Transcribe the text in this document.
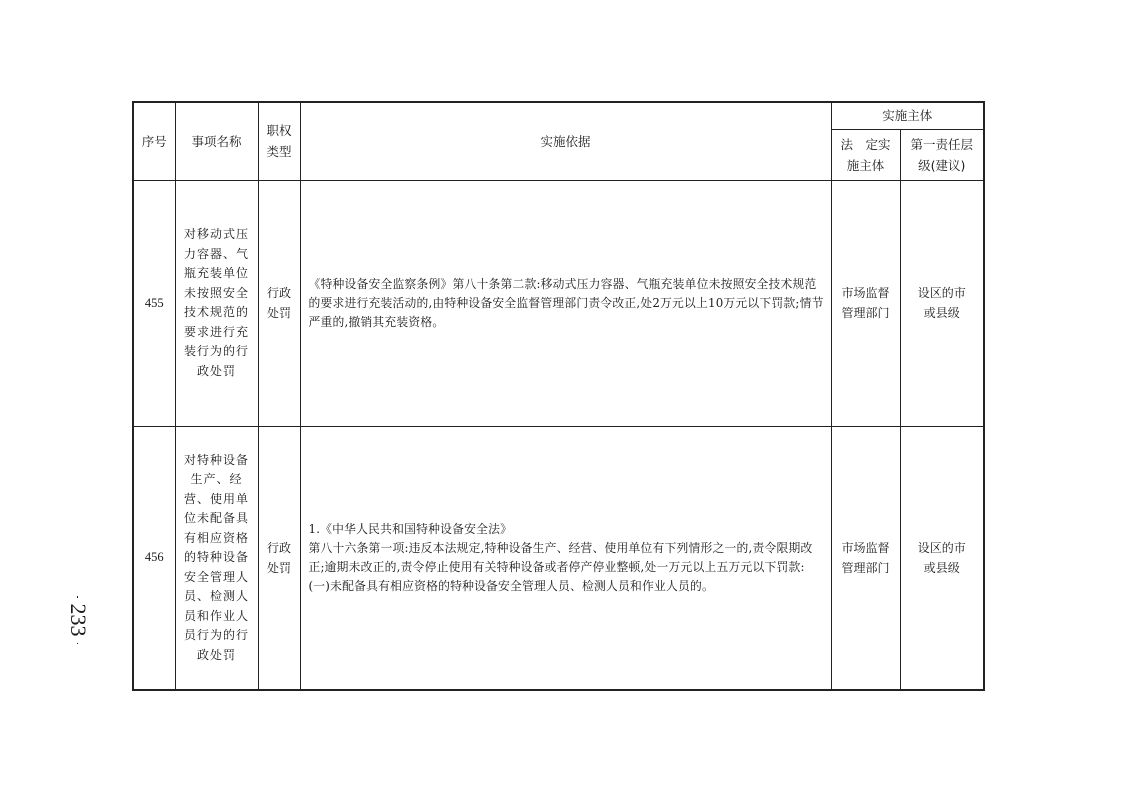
233
序号	事项名称	职权类型	实施依据	实施主体	
				法　定实施主体	第一责任层级(建议)
455	对移动式压力容器、气瓶充装单位未按照安全技术规范的要求进行充装行为的行政处罚	行政处罚	《特种设备安全监察条例》第八十条第二款:移动式压力容器、气瓶充装单位未按照安全技术规范的要求进行充装活动的,由特种设备安全监督管理部门责令改正,处2万元以上10万元以下罚款;情节严重的,撤销其充装资格。	市场监督管理部门	设区的市或县级
456	对特种设备生产、经营、使用单位未配备具有相应资格的特种设备安全管理人员、检测人员和作业人员行为的行政处罚	行政处罚	1.《中华人民共和国特种设备安全法》
第八十六条第一项:违反本法规定,特种设备生产、经营、使用单位有下列情形之一的,责令限期改正;逾期未改正的,责令停止使用有关特种设备或者停产停业整顿,处一万元以上五万元以下罚款:(一)未配备具有相应资格的特种设备安全管理人员、检测人员和作业人员的。	市场监督管理部门	设区的市或县级
